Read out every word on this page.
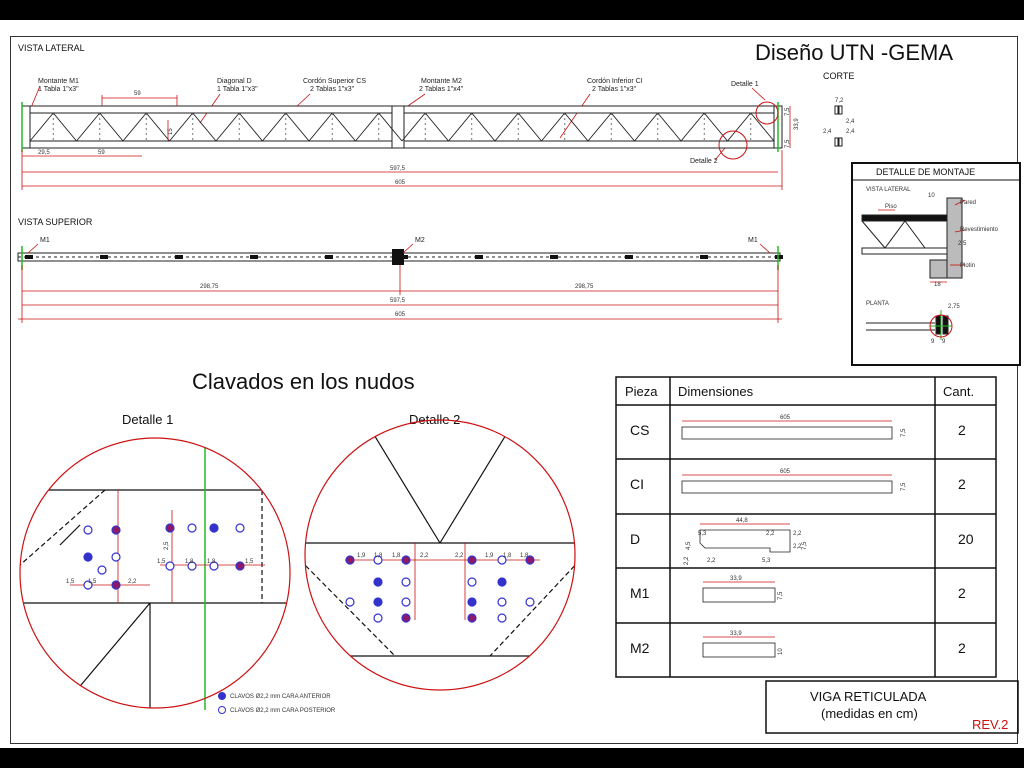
Diseño UTN -GEMA
VISTA LATERAL
Montante M1
1 Tabla 1"x3"
Diagonal D
1 Tabla 1"x3"
Cordón Superior CS
2 Tablas 1"x3"
Montante M2
2 Tablas 1"x4"
Cordón Inferior CI
2 Tablas 1"x3"
Detalle 1
Detalle 2
59
29,5	59
597,5
605
33,9
7,5
7,5
15
CORTE
7,2
2,4 2,4
2,4
VISTA SUPERIOR
M1	M2	M1
298,75	298,75
597,5
605
DETALLE DE MONTAJE
VISTA LATERAL
Piso
Pared
Revestimiento
Plotin
10
2,5
18
PLANTA	2,75
9 9
Clavados en los nudos
Detalle 1	Detalle 2
1,5	2,2
1,5	1,5
1,5
1,8 1,8
2,5
1,9 1,8 1,8	2,2	2,2	1,9 1,8 1,8
CLAVOS Ø2,2 mm CARA ANTERIOR
CLAVOS Ø2,2 mm CARA POSTERIOR
Pieza Dimensiones	Cant.
CS	2
605
7,5
CI	2
605
7,5
D	20
M1	2
33,9
7,5
M2	2
33,9
10
44,8
5,3	2,2
2,2	5,3
2,2
4,5	2,2
2,2
7,5
VIGA RETICULADA
(medidas en cm)
REV.2
